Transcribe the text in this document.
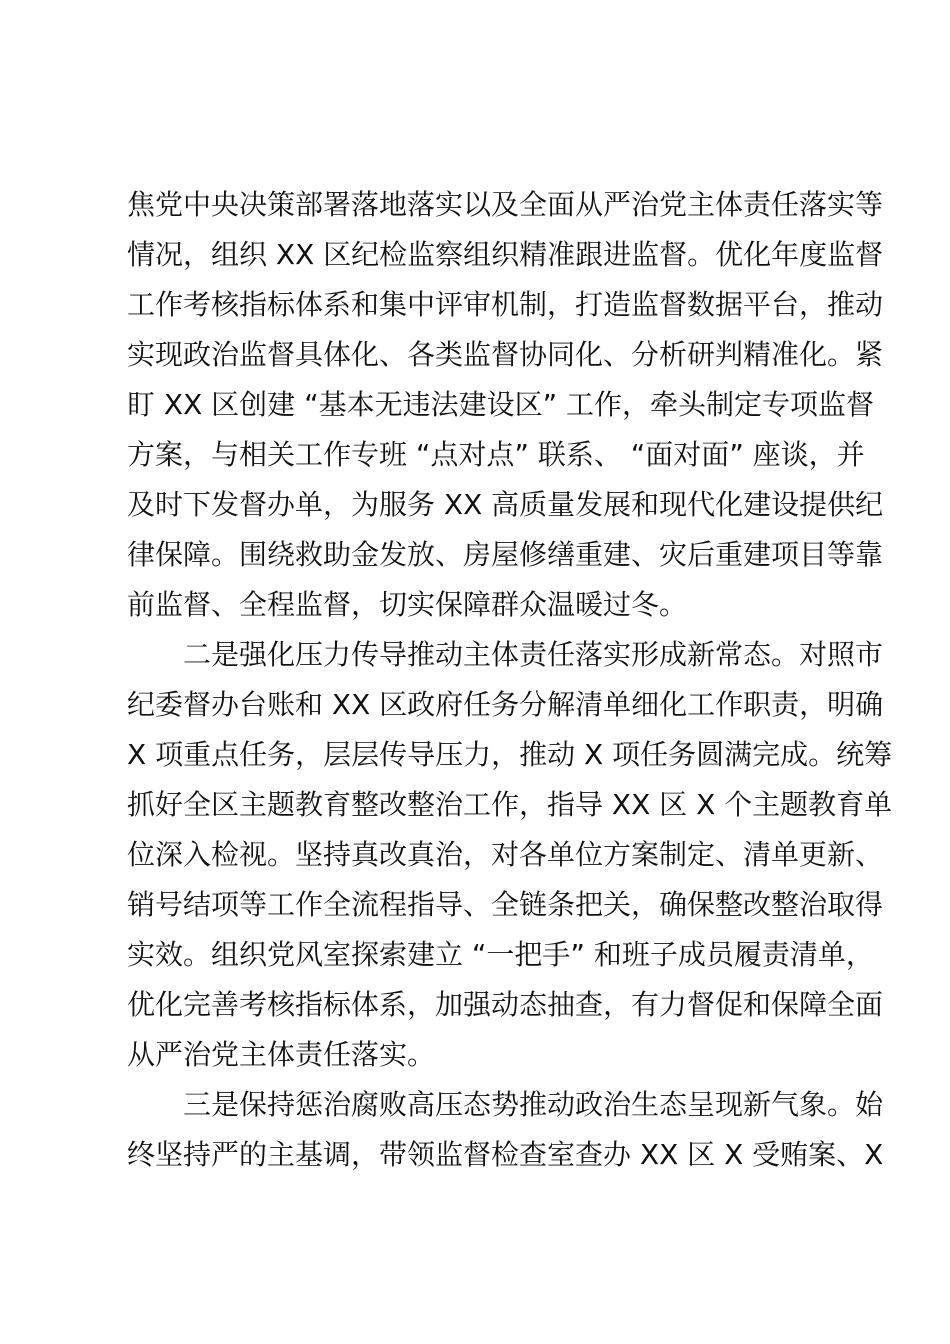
焦党中央决策部署落地落实以及全面从严治党主体责任落实等
情况，组织 XX 区纪检监察组织精准跟进监督。优化年度监督
工作考核指标体系和集中评审机制，打造监督数据平台，推动
实现政治监督具体化、各类监督协同化、分析研判精准化。紧
盯 XX 区创建 “基本无违法建设区” 工作，牵头制定专项监督
方案，与相关工作专班 “点对点” 联系、 “面对面” 座谈，并
及时下发督办单，为服务 XX 高质量发展和现代化建设提供纪
律保障。围绕救助金发放、房屋修缮重建、灾后重建项目等靠
前监督、全程监督，切实保障群众温暖过冬。
二是强化压力传导推动主体责任落实形成新常态。对照市
纪委督办台账和 XX 区政府任务分解清单细化工作职责，明确
X 项重点任务，层层传导压力，推动 X 项任务圆满完成。统筹
抓好全区主题教育整改整治工作，指导 XX 区 X 个主题教育单
位深入检视。坚持真改真治，对各单位方案制定、清单更新、
销号结项等工作全流程指导、全链条把关，确保整改整治取得
实效。组织党风室探索建立 “一把手” 和班子成员履责清单，
优化完善考核指标体系，加强动态抽查，有力督促和保障全面
从严治党主体责任落实。
三是保持惩治腐败高压态势推动政治生态呈现新气象。始
终坚持严的主基调，带领监督检查室查办 XX 区 X 受贿案、X
